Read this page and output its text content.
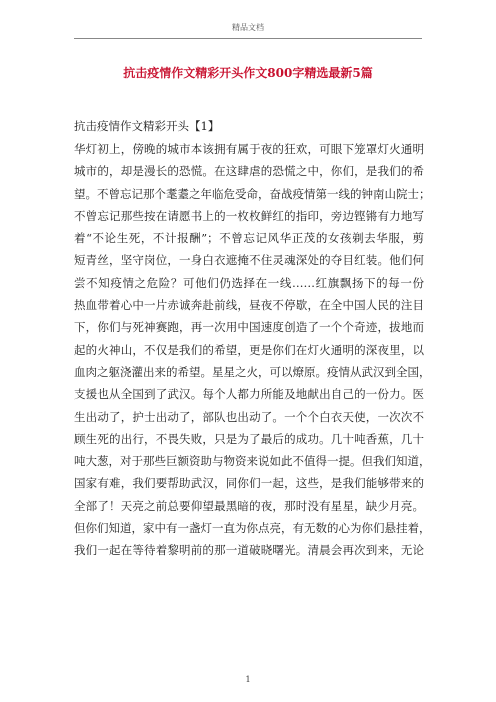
精品文档
抗击疫情作文精彩开头作文800字精选最新5篇
抗击疫情作文精彩开头【1】
华灯初上，傍晚的城市本该拥有属于夜的狂欢，可眼下笼罩灯火通明
城市的，却是漫长的恐慌。在这肆虐的恐慌之中，你们，是我们的希
望。不曾忘记那个耄耋之年临危受命，奋战疫情第一线的钟南山院士；
不曾忘记那些按在请愿书上的一枚枚鲜红的指印，旁边铿锵有力地写
着“不论生死，不计报酬”；不曾忘记风华正茂的女孩剃去华服，剪
短青丝，坚守岗位，一身白衣遮掩不住灵魂深处的夺目红装。他们何
尝不知疫情之危险？可他们仍选择在一线……红旗飘扬下的每一份
热血带着心中一片赤诚奔赴前线，昼夜不停歇，在全中国人民的注目
下，你们与死神赛跑，再一次用中国速度创造了一个个奇迹，拔地而
起的火神山，不仅是我们的希望，更是你们在灯火通明的深夜里，以
血肉之躯浇灌出来的希望。星星之火，可以燎原。疫情从武汉到全国，
支援也从全国到了武汉。每个人都力所能及地献出自己的一份力。医
生出动了，护士出动了，部队也出动了。一个个白衣天使，一次次不
顾生死的出行，不畏失败，只是为了最后的成功。几十吨香蕉，几十
吨大葱，对于那些巨额资助与物资来说如此不值得一提。但我们知道，
国家有难，我们要帮助武汉，同你们一起，这些，是我们能够带来的
全部了！天亮之前总要仰望最黑暗的夜，那时没有星星，缺少月亮。
但你们知道，家中有一盏灯一直为你点亮，有无数的心为你们悬挂着，
我们一起在等待着黎明前的那一道破晓曙光。清晨会再次到来，无论
1
